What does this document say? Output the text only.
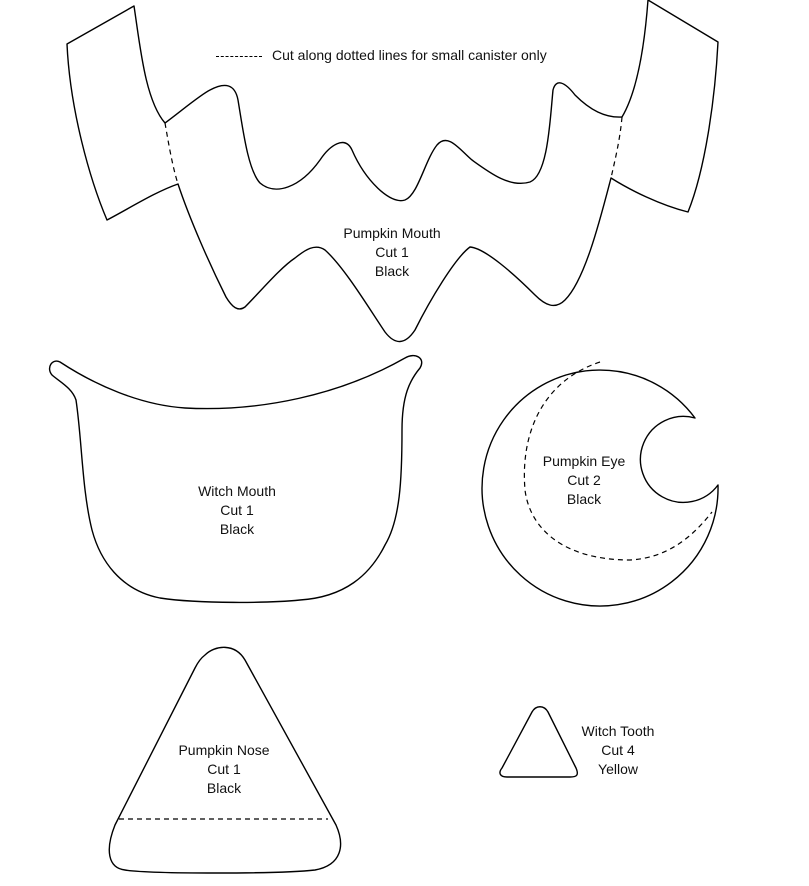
Cut along dotted lines for small canister only
Pumpkin Mouth
Cut 1
Black
Witch Mouth
Cut 1
Black
Pumpkin Eye
Cut 2
Black
Pumpkin Nose
Cut 1
Black
Witch Tooth
Cut 4
Yellow
